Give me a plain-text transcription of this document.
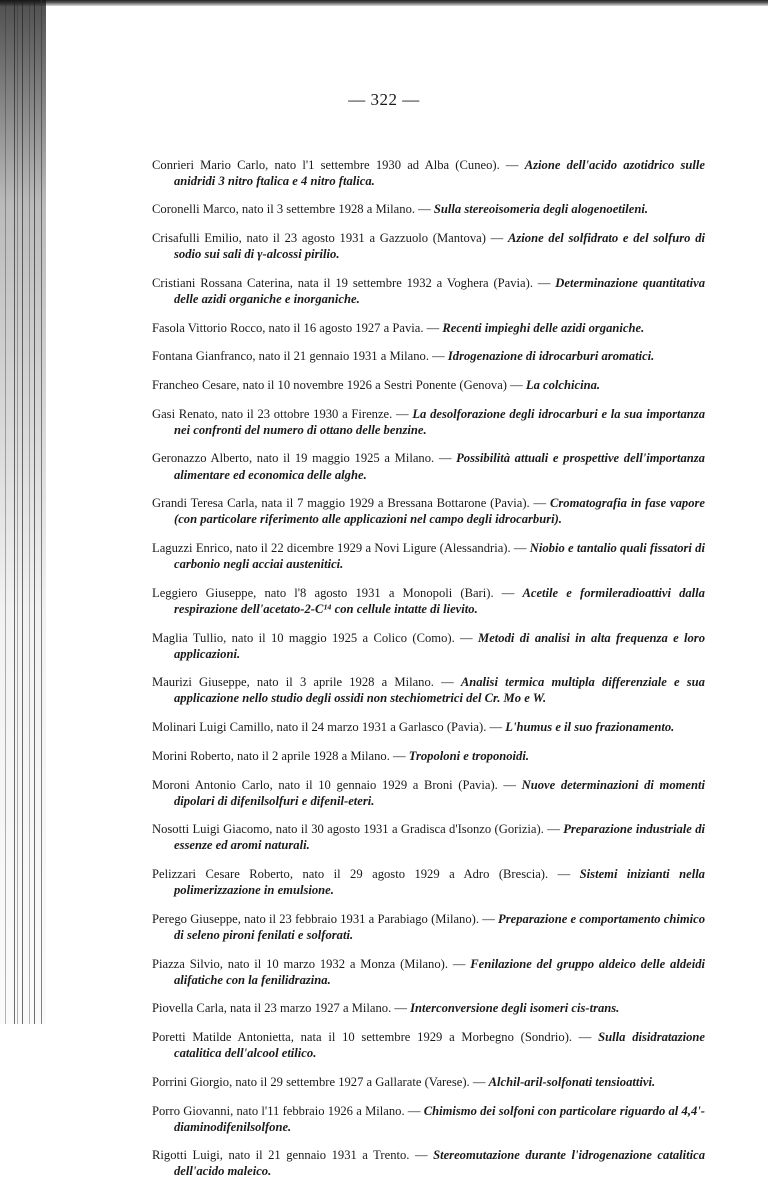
— 322 —

Conrieri Mario Carlo, nato l'1 settembre 1930 ad Alba (Cuneo). — Azione dell'acido azotidrico sulle anidridi 3 nitro ftalica e 4 nitro ftalica.

Coronelli Marco, nato il 3 settembre 1928 a Milano. — Sulla stereoisomeria degli alogenoetileni.

Crisafulli Emilio, nato il 23 agosto 1931 a Gazzuolo (Mantova) — Azione del solfidrato e del solfuro di sodio sui sali di γ-alcossi pirilio.

Cristiani Rossana Caterina, nata il 19 settembre 1932 a Voghera (Pavia). — Determinazione quantitativa delle azidi organiche e inorganiche.

Fasola Vittorio Rocco, nato il 16 agosto 1927 a Pavia. — Recenti impieghi delle azidi organiche.

Fontana Gianfranco, nato il 21 gennaio 1931 a Milano. — Idrogenazione di idrocarburi aromatici.

Francheo Cesare, nato il 10 novembre 1926 a Sestri Ponente (Genova) — La colchicina.

Gasi Renato, nato il 23 ottobre 1930 a Firenze. — La desolforazione degli idrocarburi e la sua importanza nei confronti del numero di ottano delle benzine.

Geronazzo Alberto, nato il 19 maggio 1925 a Milano. — Possibilità attuali e prospettive dell'importanza alimentare ed economica delle alghe.

Grandi Teresa Carla, nata il 7 maggio 1929 a Bressana Bottarone (Pavia). — Cromatografia in fase vapore (con particolare riferimento alle applicazioni nel campo degli idrocarburi).

Laguzzi Enrico, nato il 22 dicembre 1929 a Novi Ligure (Alessandria). — Niobio e tantalio quali fissatori di carbonio negli acciai austenitici.

Leggiero Giuseppe, nato l'8 agosto 1931 a Monopoli (Bari). — Acetile e formileradioattivi dalla respirazione dell'acetato-2-C¹⁴ con cellule intatte di lievito.

Maglia Tullio, nato il 10 maggio 1925 a Colico (Como). — Metodi di analisi in alta frequenza e loro applicazioni.

Maurizi Giuseppe, nato il 3 aprile 1928 a Milano. — Analisi termica multipla differenziale e sua applicazione nello studio degli ossidi non stechiometrici del Cr. Mo e W.

Molinari Luigi Camillo, nato il 24 marzo 1931 a Garlasco (Pavia). — L'humus e il suo frazionamento.

Morini Roberto, nato il 2 aprile 1928 a Milano. — Tropoloni e troponoidi.

Moroni Antonio Carlo, nato il 10 gennaio 1929 a Broni (Pavia). — Nuove determinazioni di momenti dipolari di difenilsolfuri e difenil-eteri.

Nosotti Luigi Giacomo, nato il 30 agosto 1931 a Gradisca d'Isonzo (Gorizia). — Preparazione industriale di essenze ed aromi naturali.

Pelizzari Cesare Roberto, nato il 29 agosto 1929 a Adro (Brescia). — Sistemi inizianti nella polimerizzazione in emulsione.

Perego Giuseppe, nato il 23 febbraio 1931 a Parabiago (Milano). — Preparazione e comportamento chimico di seleno pironi fenilati e solforati.

Piazza Silvio, nato il 10 marzo 1932 a Monza (Milano). — Fenilazione del gruppo aldeico delle aldeidi alifatiche con la fenilidrazina.

Piovella Carla, nata il 23 marzo 1927 a Milano. — Interconversione degli isomeri cis-trans.

Poretti Matilde Antonietta, nata il 10 settembre 1929 a Morbegno (Sondrio). — Sulla disidratazione catalitica dell'alcool etilico.

Porrini Giorgio, nato il 29 settembre 1927 a Gallarate (Varese). — Alchil-aril-solfonati tensioattivi.

Porro Giovanni, nato l'11 febbraio 1926 a Milano. — Chimismo dei solfoni con particolare riguardo al 4,4'-diaminodifenilsolfone.

Rigotti Luigi, nato il 21 gennaio 1931 a Trento. — Stereomutazione durante l'idrogenazione catalitica dell'acido maleico.
